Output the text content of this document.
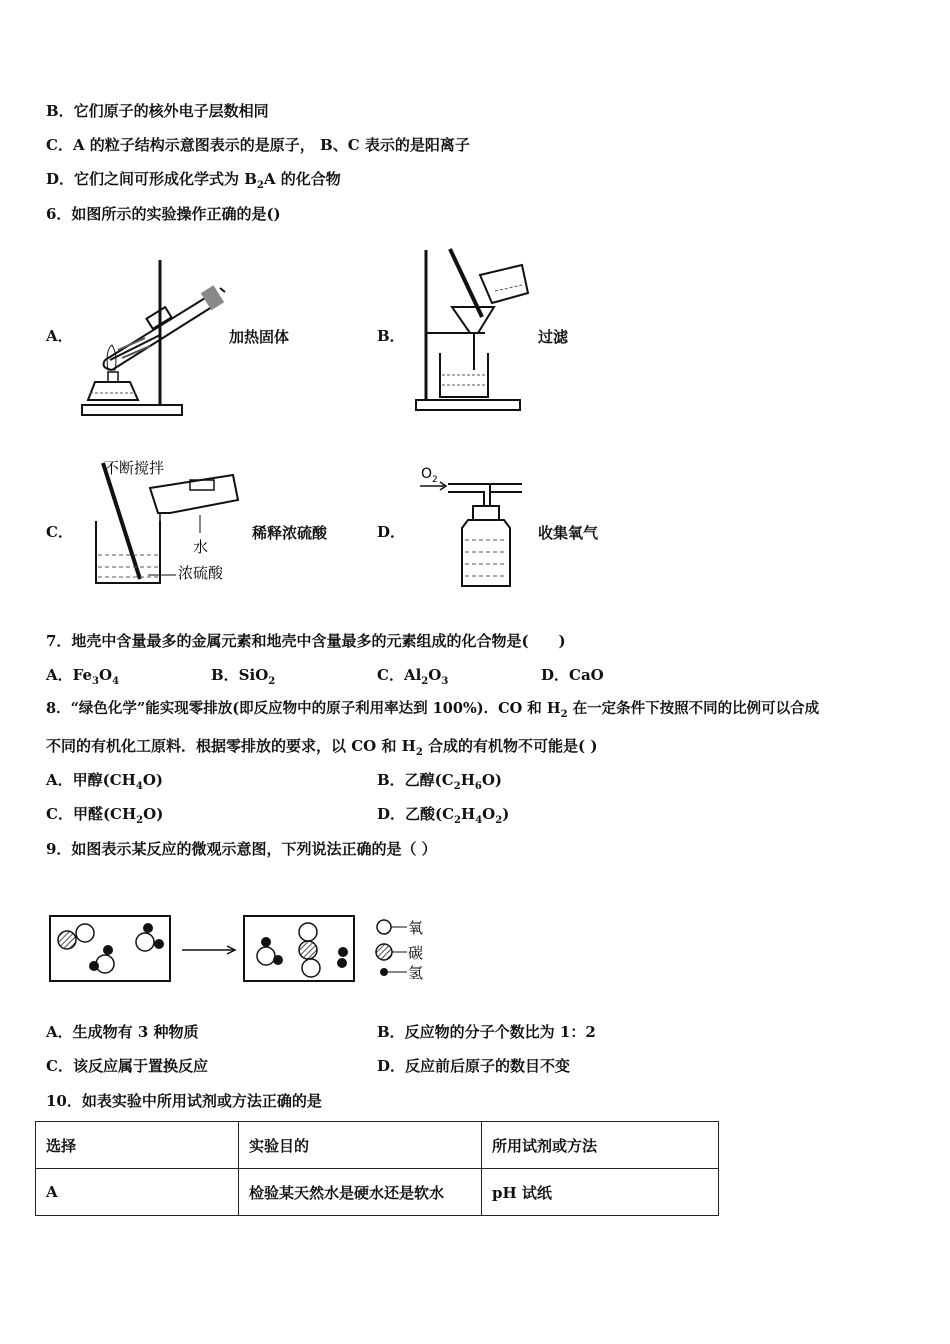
B．它们原子的核外电子层数相同
C．A 的粒子结构示意图表示的是原子， B、C 表示的是阳离子
D．它们之间可形成化学式为 $B_2A$ 的化合物
6．如图所示的实验操作正确的是()
A．	加热固体	B．	过滤
C．
不断搅拌
水
浓硫酸
稀释浓硫酸	D．
O 2
收集氧气
7．地壳中含量最多的金属元素和地壳中含量最多的元素组成的化合物是(　　)
A．$Fe_3O_4$	B．SiO$_2$	C．$Al_2O_3$	D．CaO
8．“绿色化学”能实现零排放(即反应物中的原子利用率达到 100%)．CO 和 $H_2$ 在一定条件下按照不同的比例可以合成
不同的有机化工原料．根据零排放的要求，以 CO 和 $H_2$ 合成的有机物不可能是( )
A．甲醇$(CH_4O)$	B．乙醇$(C_2H_6O)$
C．甲醛$(CH_2O)$	D．乙酸$(C_2H_4O_2)$
9．如图表示某反应的微观示意图，下列说法正确的是（ ）
氧
碳
氢
A．生成物有 3 种物质	B．反应物的分子个数比为 1：2
C．该反应属于置换反应	D．反应前后原子的数目不变
10．如表实验中所用试剂或方法正确的是
选择	实验目的	所用试剂或方法
A	检验某天然水是硬水还是软水	pH 试纸
